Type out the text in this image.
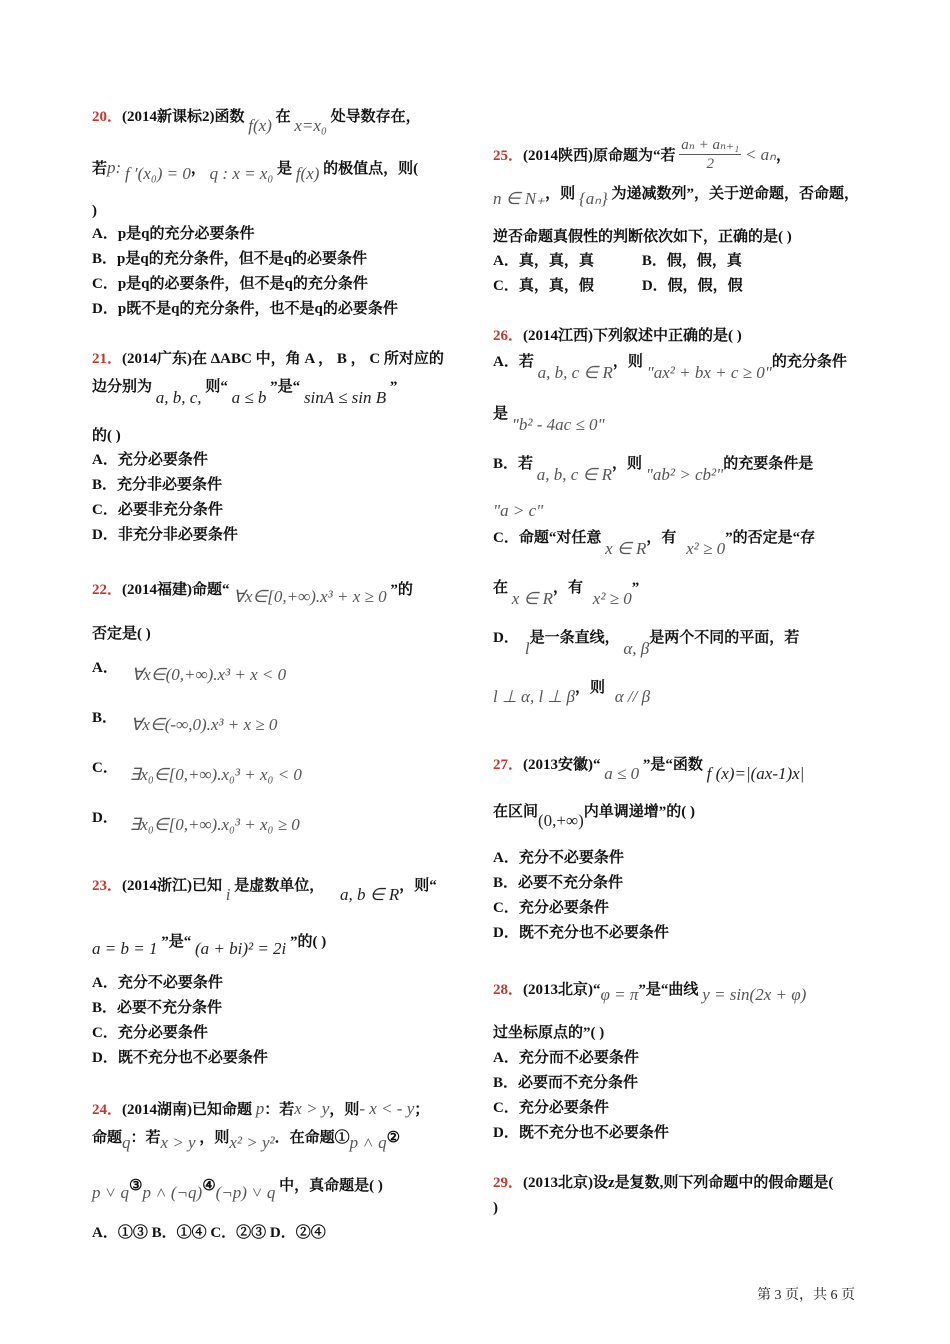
20．(2014新课标2)函数 f(x) 在 x=x₀ 处导数存在，
若p: f ′(x₀) = 0， q : x = x₀ 是 f(x) 的极值点，则(
)
A．p是q的充分必要条件
B．p是q的充分条件，但不是q的必要条件
C．p是q的必要条件，但不是q的充分条件
D．p既不是q的充分条件，也不是q的必要条件
21．(2014广东)在 ΔABC 中，角 A ， B ， C 所对应的
边分别为 a, b, c, 则“ a ≤ b ”是“ sinA ≤ sin B ”
的( )
A．充分必要条件
B．充分非必要条件
C．必要非充分条件
D．非充分非必要条件
22．(2014福建)命题“ ∀x∈[0,+∞).x³ + x ≥ 0 ”的
否定是( )
A． ∀x∈(0,+∞).x³ + x < 0
B． ∀x∈(-∞,0).x³ + x ≥ 0
C． ∃x₀∈[0,+∞).x₀³ + x₀ < 0
D． ∃x₀∈[0,+∞).x₀³ + x₀ ≥ 0
23．(2014浙江)已知 i 是虚数单位， a, b ∈ R，则“
a = b = 1 ”是“ (a + bi)² = 2i ”的( )
A．充分不必要条件
B．必要不充分条件
C．充分必要条件
D．既不充分也不必要条件
24．(2014湖南)已知命题 p：若x > y，则- x < - y；
命题q：若x > y ，则x² > y²．在命题①p ˄ q②
p ˅ q③p ˄ (¬q)④(¬p) ˅ q 中，真命题是( )
A．①③ B．①④ C．②③ D．②④
25．(2014陕西)原命题为“若 $\frac{\text{aₙ + aₙ₊₁}}{2} < a_n$，
n ∈ N₊，则 {aₙ} 为递减数列”，关于逆命题，否命题，
逆否命题真假性的判断依次如下，正确的是( )
A．真，真，真	B．假，假，真
C．真，真，假	D．假，假，假
26．(2014江西)下列叙述中正确的是( )
A．若 a, b, c ∈ R，则 "ax² + bx + c ≥ 0"的充分条件
是 "b² - 4ac ≤ 0"
B．若 a, b, c ∈ R，则 "ab² > cb²"的充要条件是
"a > c"
C．命题“对任意 x ∈ R，有 x² ≥ 0”的否定是“存
在 x ∈ R，有 x² ≥ 0”
D．l是一条直线， α, β是两个不同的平面，若
l ⊥ α, l ⊥ β，则 α // β
27．(2013安徽)“ a ≤ 0 ”是“函数 f (x)=|(ax-1)x|
在区间(0,+∞)内单调递增”的( )
A．充分不必要条件
B．必要不充分条件
C．充分必要条件
D．既不充分也不必要条件
28．(2013北京)“φ = π”是“曲线 y = sin(2x + φ)
过坐标原点的”( )
A．充分而不必要条件
B．必要而不充分条件
C．充分必要条件
D．既不充分也不必要条件
29．(2013北京)设z是复数,则下列命题中的假命题是(
)
第 3 页，共 6 页
